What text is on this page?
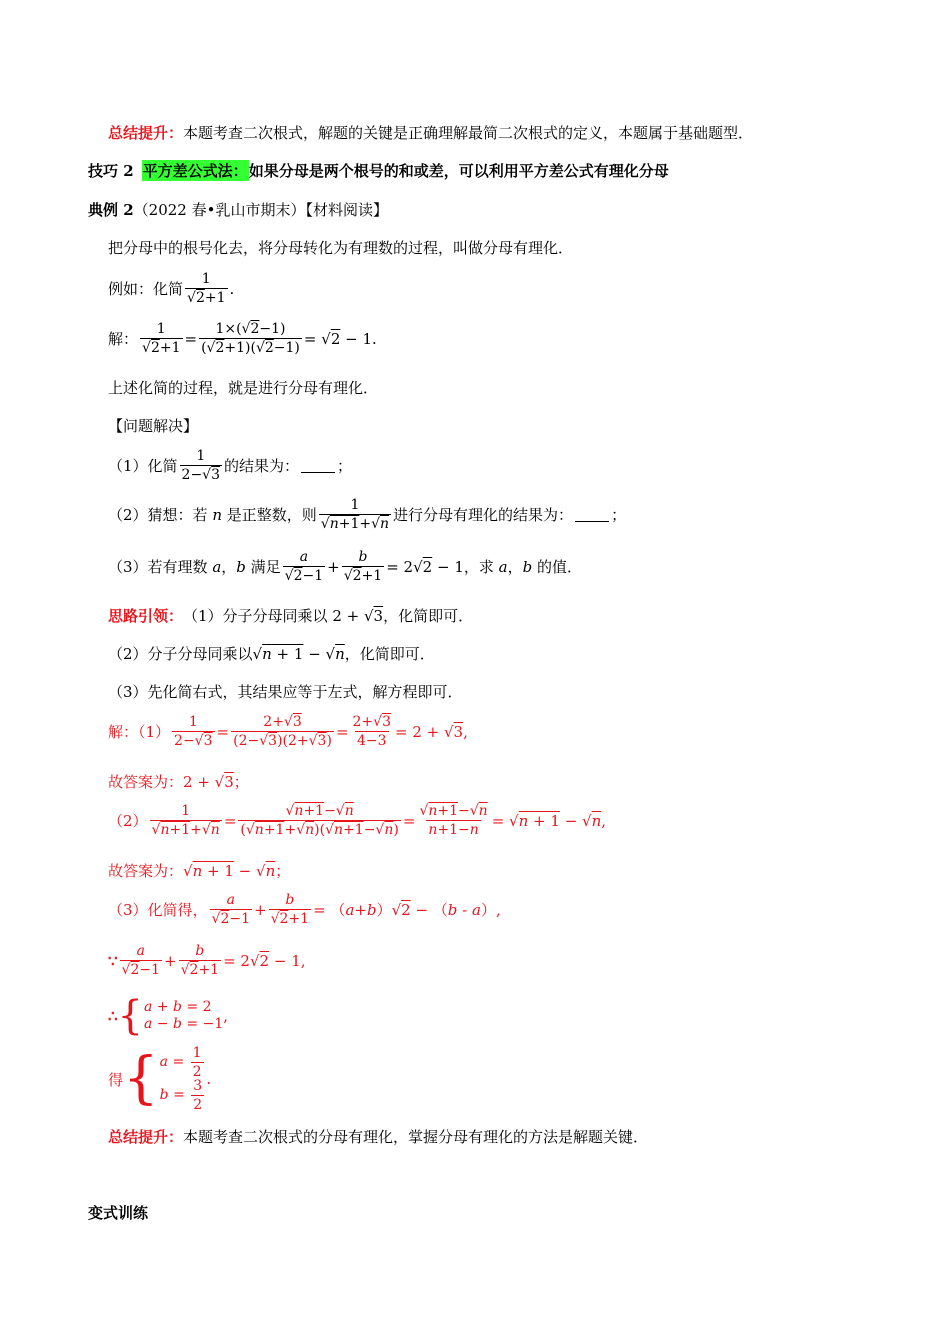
总结提升： 本题考查二次根式，解题的关键是正确理解最简二次根式的定义，本题属于基础题型．
技巧 2 平方差公式法： 如果分母是两个根号的和或差，可以利用平方差公式有理化分母
典例 2 （2022 春•乳山市期末）【材料阅读】
把分母中的根号化去，将分母转化为有理数的过程，叫做分母有理化．
例如：化简 $\frac{1}{√2+1}$ .
解： $\frac{1}{√2+1} = \frac{1\times(√2-1)}{(√2+1)(√2-1)} = √2 - 1$.
上述化简的过程，就是进行分母有理化．
【问题解决】
（1）化简 $\frac{1}{2-√3}$ 的结果为：	；
（2）猜想：若 n 是正整数，则 $\frac{1}{√n+1+√n}$ 进行分母有理化的结果为：	；
（3）若有理数 a ， b 满足 $\frac{a}{√2-1} + \frac{b}{√2+1} = 2√2 - 1$ ，求 a ， b 的值．
思路引领： （1）分子分母同乘以 2 + √3 ，化简即可．
（2）分子分母同乘以 √n + 1 − √n ，化简即可．
（3）先化简右式，其结果应等于左式，解方程即可．
解：$(1) \frac{1}{2-√3} = \frac{2+√3}{(2-√3)(2+√3)} = \frac{2+√3}{4-3} = 2 + √3$,
故答案为： 2 + √3；
$(2) \frac{1}{√n+1+√n} = \frac{√n+1-√n}{(√n+1+√n)(√n+1-√n)} = \frac{√n+1-√n}{n+1-n} = √n + 1 - √n$,
故答案为： √n + 1 − √n；
（3）化简得， $\frac{a}{√2-1} + \frac{b}{√2+1} = (a+b)√2 - (b - a)$,
∵ $\frac{a}{√2-1} + \frac{b}{√2+1} = 2√2 - 1$,
∴ { a + b = 2
a − b = −1 ,
得 { $a = \frac{1}{2}$
$b = \frac{3}{2}$ .
总结提升： 本题考查二次根式的分母有理化，掌握分母有理化的方法是解题关键．
变式训练
